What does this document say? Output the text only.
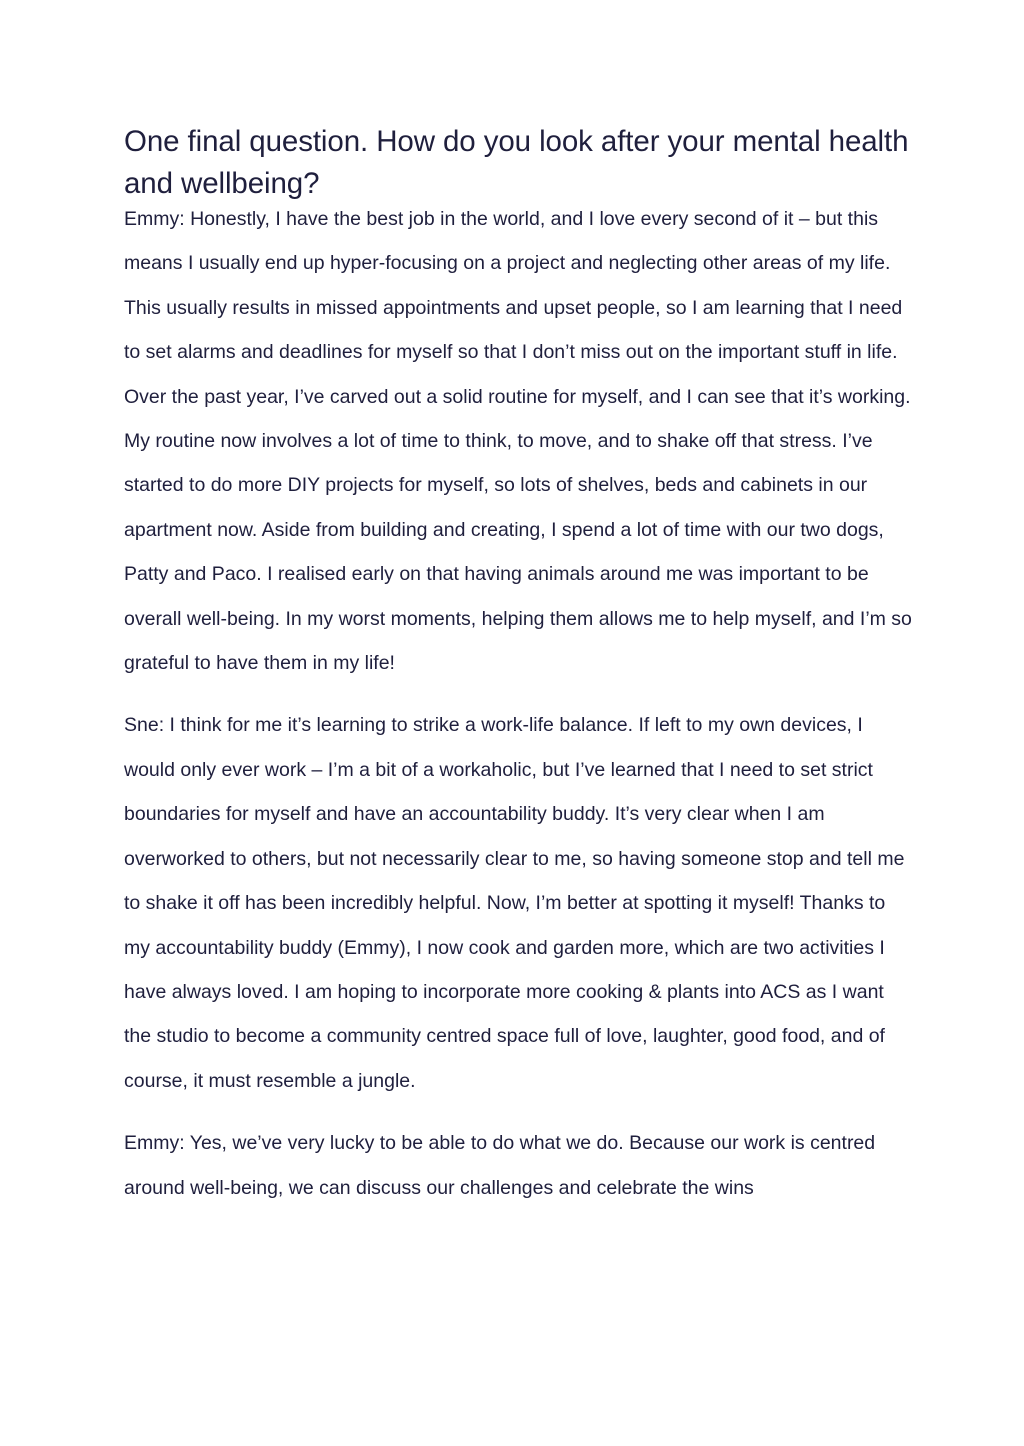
One final question. How do you look after your mental health and wellbeing?

Emmy: Honestly, I have the best job in the world, and I love every second of it – but this means I usually end up hyper-focusing on a project and neglecting other areas of my life. This usually results in missed appointments and upset people, so I am learning that I need to set alarms and deadlines for myself so that I don’t miss out on the important stuff in life. Over the past year, I’ve carved out a solid routine for myself, and I can see that it’s working. My routine now involves a lot of time to think, to move, and to shake off that stress. I’ve started to do more DIY projects for myself, so lots of shelves, beds and cabinets in our apartment now. Aside from building and creating, I spend a lot of time with our two dogs, Patty and Paco. I realised early on that having animals around me was important to be overall well-being. In my worst moments, helping them allows me to help myself, and I’m so grateful to have them in my life!

Sne: I think for me it’s learning to strike a work-life balance. If left to my own devices, I would only ever work – I’m a bit of a workaholic, but I’ve learned that I need to set strict boundaries for myself and have an accountability buddy. It’s very clear when I am overworked to others, but not necessarily clear to me, so having someone stop and tell me to shake it off has been incredibly helpful. Now, I’m better at spotting it myself! Thanks to my accountability buddy (Emmy), I now cook and garden more, which are two activities I have always loved. I am hoping to incorporate more cooking & plants into ACS as I want the studio to become a community centred space full of love, laughter, good food, and of course, it must resemble a jungle.

Emmy: Yes, we’ve very lucky to be able to do what we do. Because our work is centred around well-being, we can discuss our challenges and celebrate the wins
